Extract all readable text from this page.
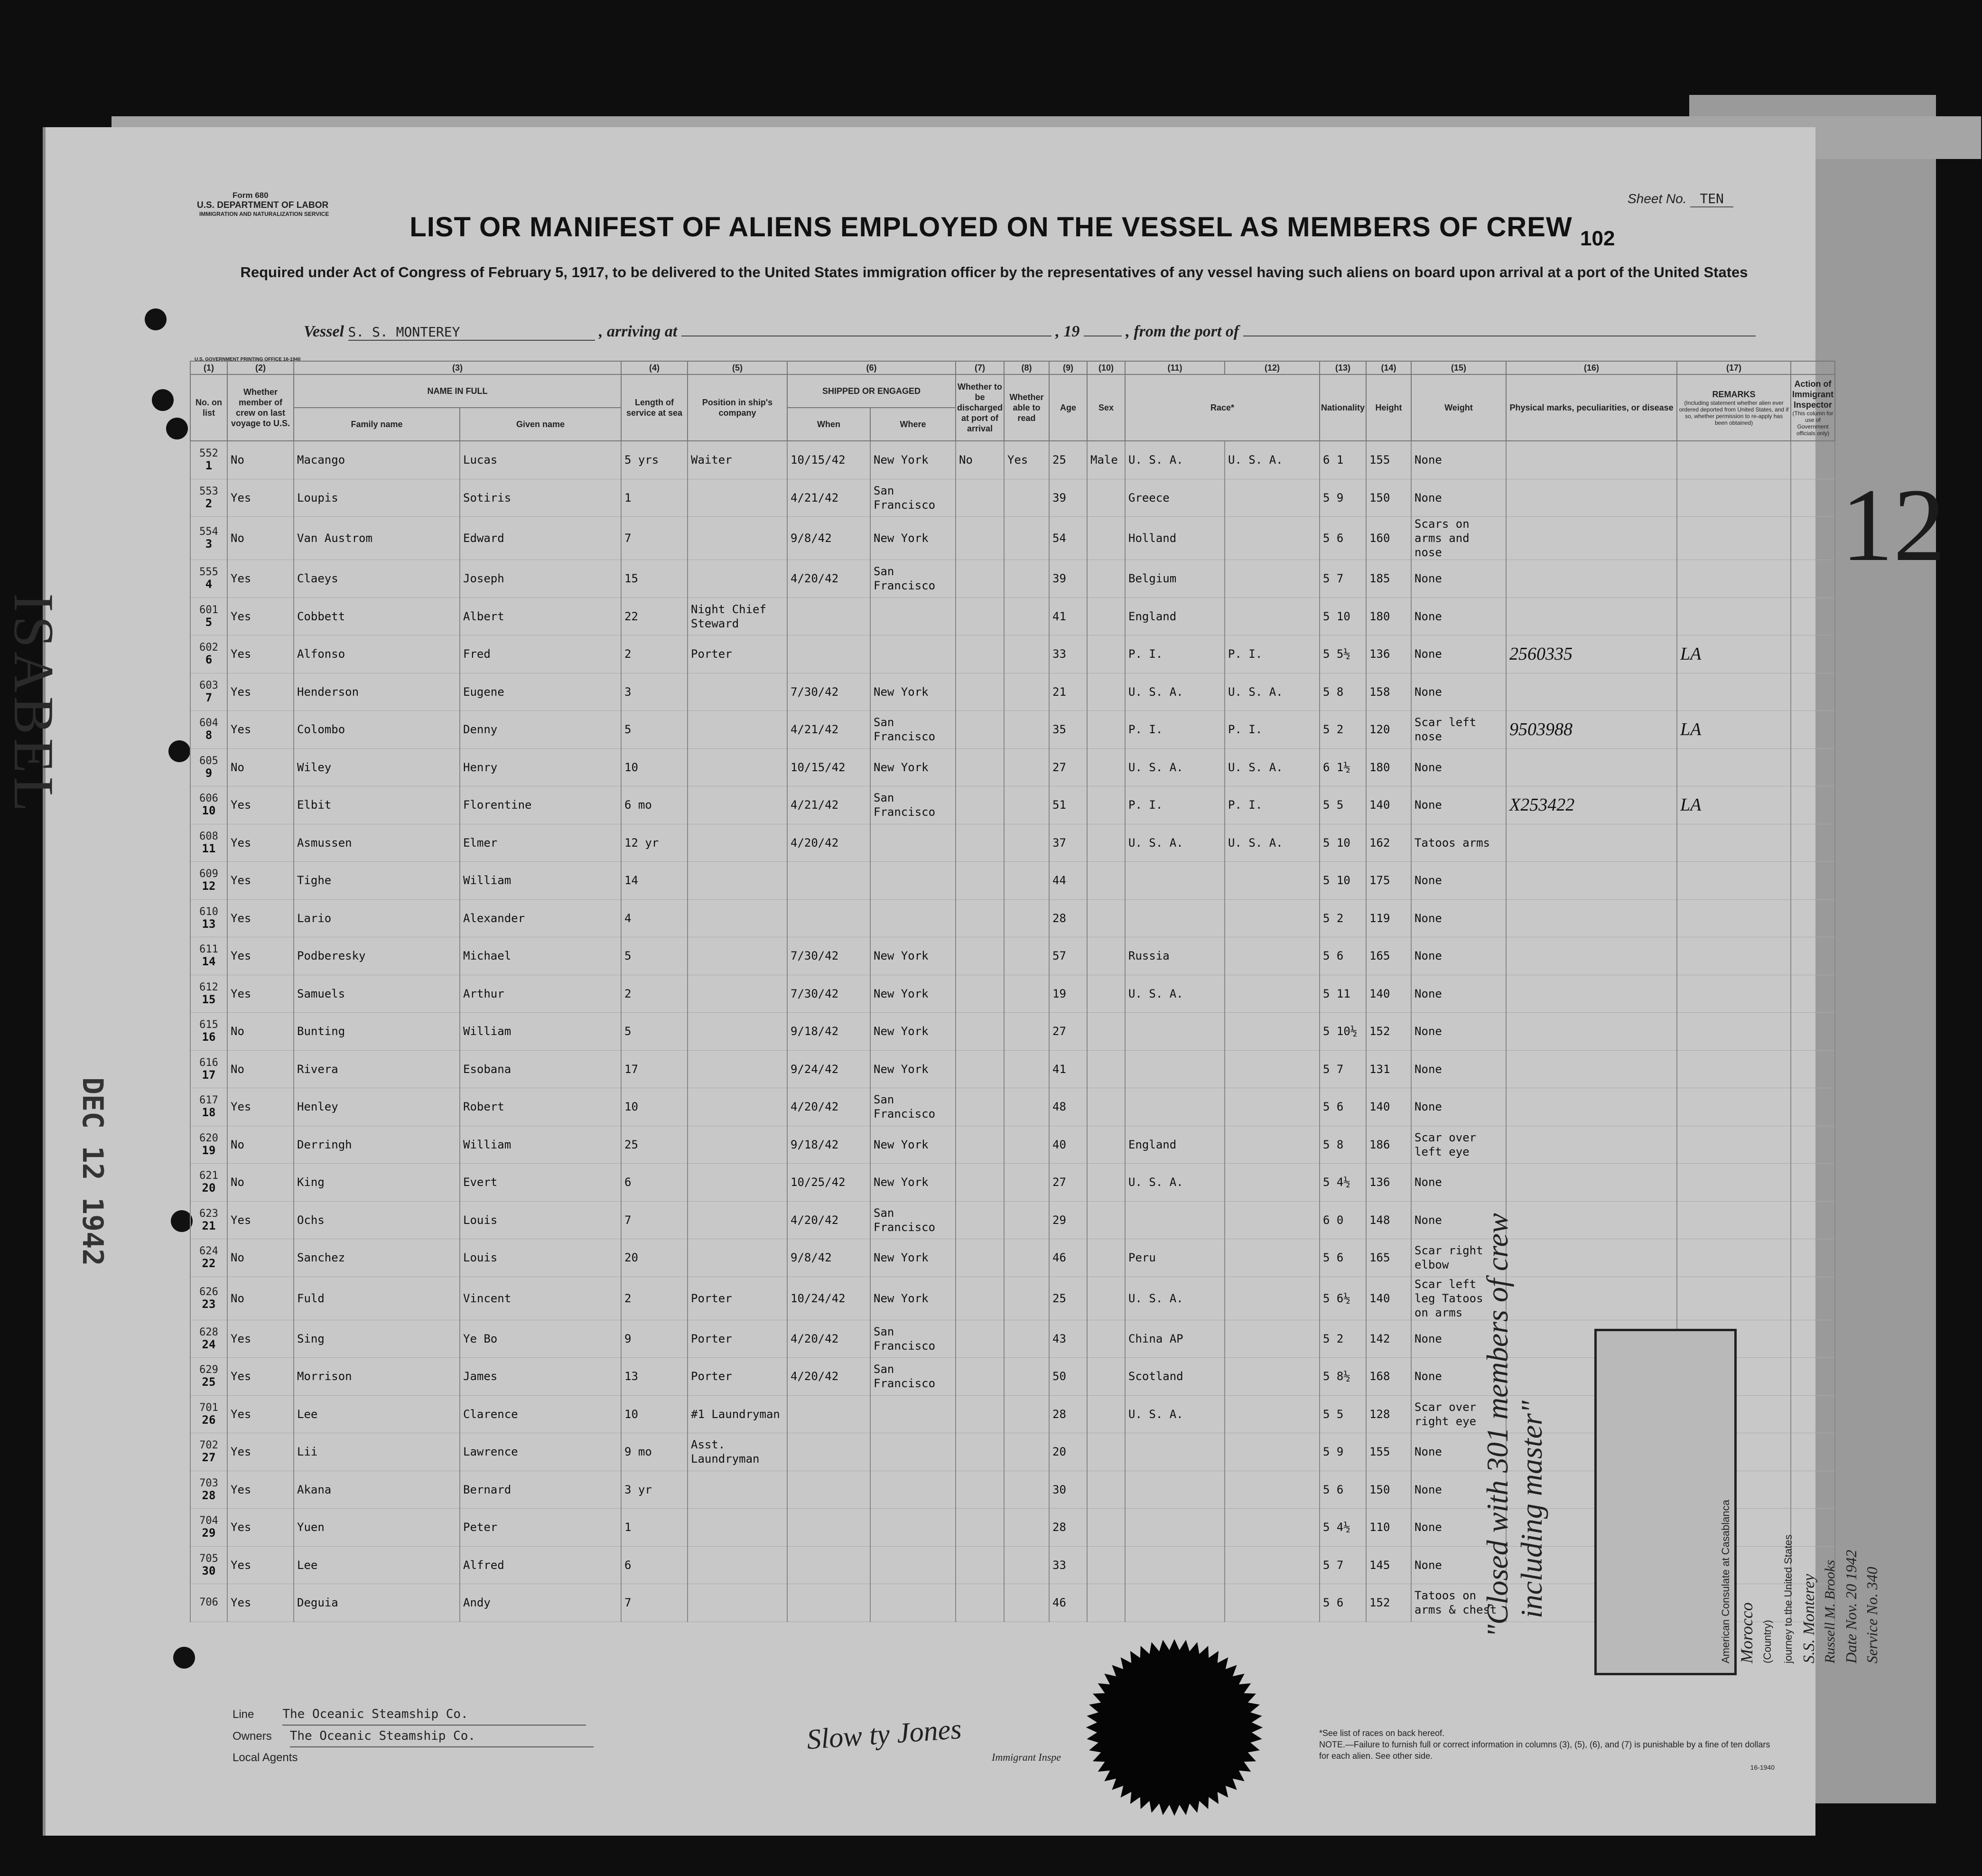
ISABEL
DEC 12 1942
12
Form 680
U.S. DEPARTMENT OF LABOR
IMMIGRATION AND NATURALIZATION SERVICE
Sheet No. TEN
LIST OR MANIFEST OF ALIENS EMPLOYED ON THE VESSEL AS MEMBERS OF CREW 102
Required under Act of Congress of February 5, 1917, to be delivered to the United States immigration officer by the representatives of any vessel having such aliens on board upon arrival at a port of the United States
Vessel S. S. MONTEREY	, arriving at	, 19	, from the port of
U.S. GOVERNMENT PRINTING OFFICE 16-1940
(1)	(2)	(3)		(4)	(5)	(6)		(7)	(8)	(9)	(10)	(11)	(12)	(13)	(14)	(15)	(16)	(17)	
No. on list	Whether member of crew on last voyage to U.S.	NAME IN FULL		Length of service at sea	Position in ship's company	SHIPPED OR ENGAGED		Whether to be discharged at port of arrival	Whether able to read	Age	Sex	Race*		Nationality	Height	Weight	Physical marks, peculiarities, or disease	REMARKS

(Including statement whether alien ever ordered deported from United States, and if so, whether permission to re-apply has been obtained)	Action of Immigrant Inspector

(This column for use of Government officials only)

		Family name	Given name			When	Where												

552
1	No	Macango	Lucas	5 yrs	Waiter	10/15/42	New York	No	Yes	25	Male	U. S. A.	U. S. A.	6 1	155	None			

553
2	Yes	Loupis	Sotiris	1		4/21/42	San Francisco			39		Greece		5 9	150	None			

554
3	No	Van Austrom	Edward	7		9/8/42	New York			54		Holland		5 6	160	Scars on arms and nose			

555
4	Yes	Claeys	Joseph	15		4/20/42	San Francisco			39		Belgium		5 7	185	None			

601
5	Yes	Cobbett	Albert	22	Night Chief Steward					41		England		5 10	180	None			

602
6	Yes	Alfonso	Fred	2	Porter					33		P. I.	P. I.	5 5½	136	None	2560335	LA	

603
7	Yes	Henderson	Eugene	3		7/30/42	New York			21		U. S. A.	U. S. A.	5 8	158	None			

604
8	Yes	Colombo	Denny	5		4/21/42	San Francisco			35		P. I.	P. I.	5 2	120	Scar left nose	9503988	LA	

605
9	No	Wiley	Henry	10		10/15/42	New York			27		U. S. A.	U. S. A.	6 1½	180	None			

606
10	Yes	Elbit	Florentine	6 mo		4/21/42	San Francisco			51		P. I.	P. I.	5 5	140	None	X253422	LA	

608
11	Yes	Asmussen	Elmer	12 yr		4/20/42				37		U. S. A.	U. S. A.	5 10	162	Tatoos arms			

609
12	Yes	Tighe	William	14						44				5 10	175	None			

610
13	Yes	Lario	Alexander	4						28				5 2	119	None			

611
14	Yes	Podberesky	Michael	5		7/30/42	New York			57		Russia		5 6	165	None			

612
15	Yes	Samuels	Arthur	2		7/30/42	New York			19		U. S. A.		5 11	140	None			

615
16	No	Bunting	William	5		9/18/42	New York			27				5 10½	152	None			

616
17	No	Rivera	Esobana	17		9/24/42	New York			41				5 7	131	None			

617
18	Yes	Henley	Robert	10		4/20/42	San Francisco			48				5 6	140	None			

620
19	No	Derringh	William	25		9/18/42	New York			40		England		5 8	186	Scar over left eye			

621
20	No	King	Evert	6		10/25/42	New York			27		U. S. A.		5 4½	136	None			

623
21	Yes	Ochs	Louis	7		4/20/42	San Francisco			29				6 0	148	None			

624
22	No	Sanchez	Louis	20		9/8/42	New York			46		Peru		5 6	165	Scar right elbow			

626
23	No	Fuld	Vincent	2	Porter	10/24/42	New York			25		U. S. A.		5 6½	140	Scar left leg Tatoos on arms			

628
24	Yes	Sing	Ye Bo	9	Porter	4/20/42	San Francisco			43		China AP		5 2	142	None			

629
25	Yes	Morrison	James	13	Porter	4/20/42	San Francisco			50		Scotland		5 8½	168	None			

701
26	Yes	Lee	Clarence	10	#1 Laundryman					28		U. S. A.		5 5	128	Scar over right eye			

702
27	Yes	Lii	Lawrence	9 mo	Asst. Laundryman					20				5 9	155	None			

703
28	Yes	Akana	Bernard	3 yr						30				5 6	150	None			

704
29	Yes	Yuen	Peter	1						28				5 4½	110	None			

705
30	Yes	Lee	Alfred	6						33				5 7	145	None			

706	Yes	Deguia	Andy	7						46				5 6	152	Tatoos on arms & chest			
Slow ty Jones
Immigrant Inspe
"Closed with 301 members of crew including master"	American Consulate at Casablanca Morocco (Country) journey to the United States S.S. Monterey Russell M. Brooks Date Nov. 20 1942 Service No. 340
Line The Oceanic Steamship Co.
Owners The Oceanic Steamship Co.
Local Agents
*See list of races on back hereof.
NOTE.—Failure to furnish full or correct information in columns (3), (5), (6), and (7) is punishable by a fine of ten dollars for each alien. See other side.
16-1940
